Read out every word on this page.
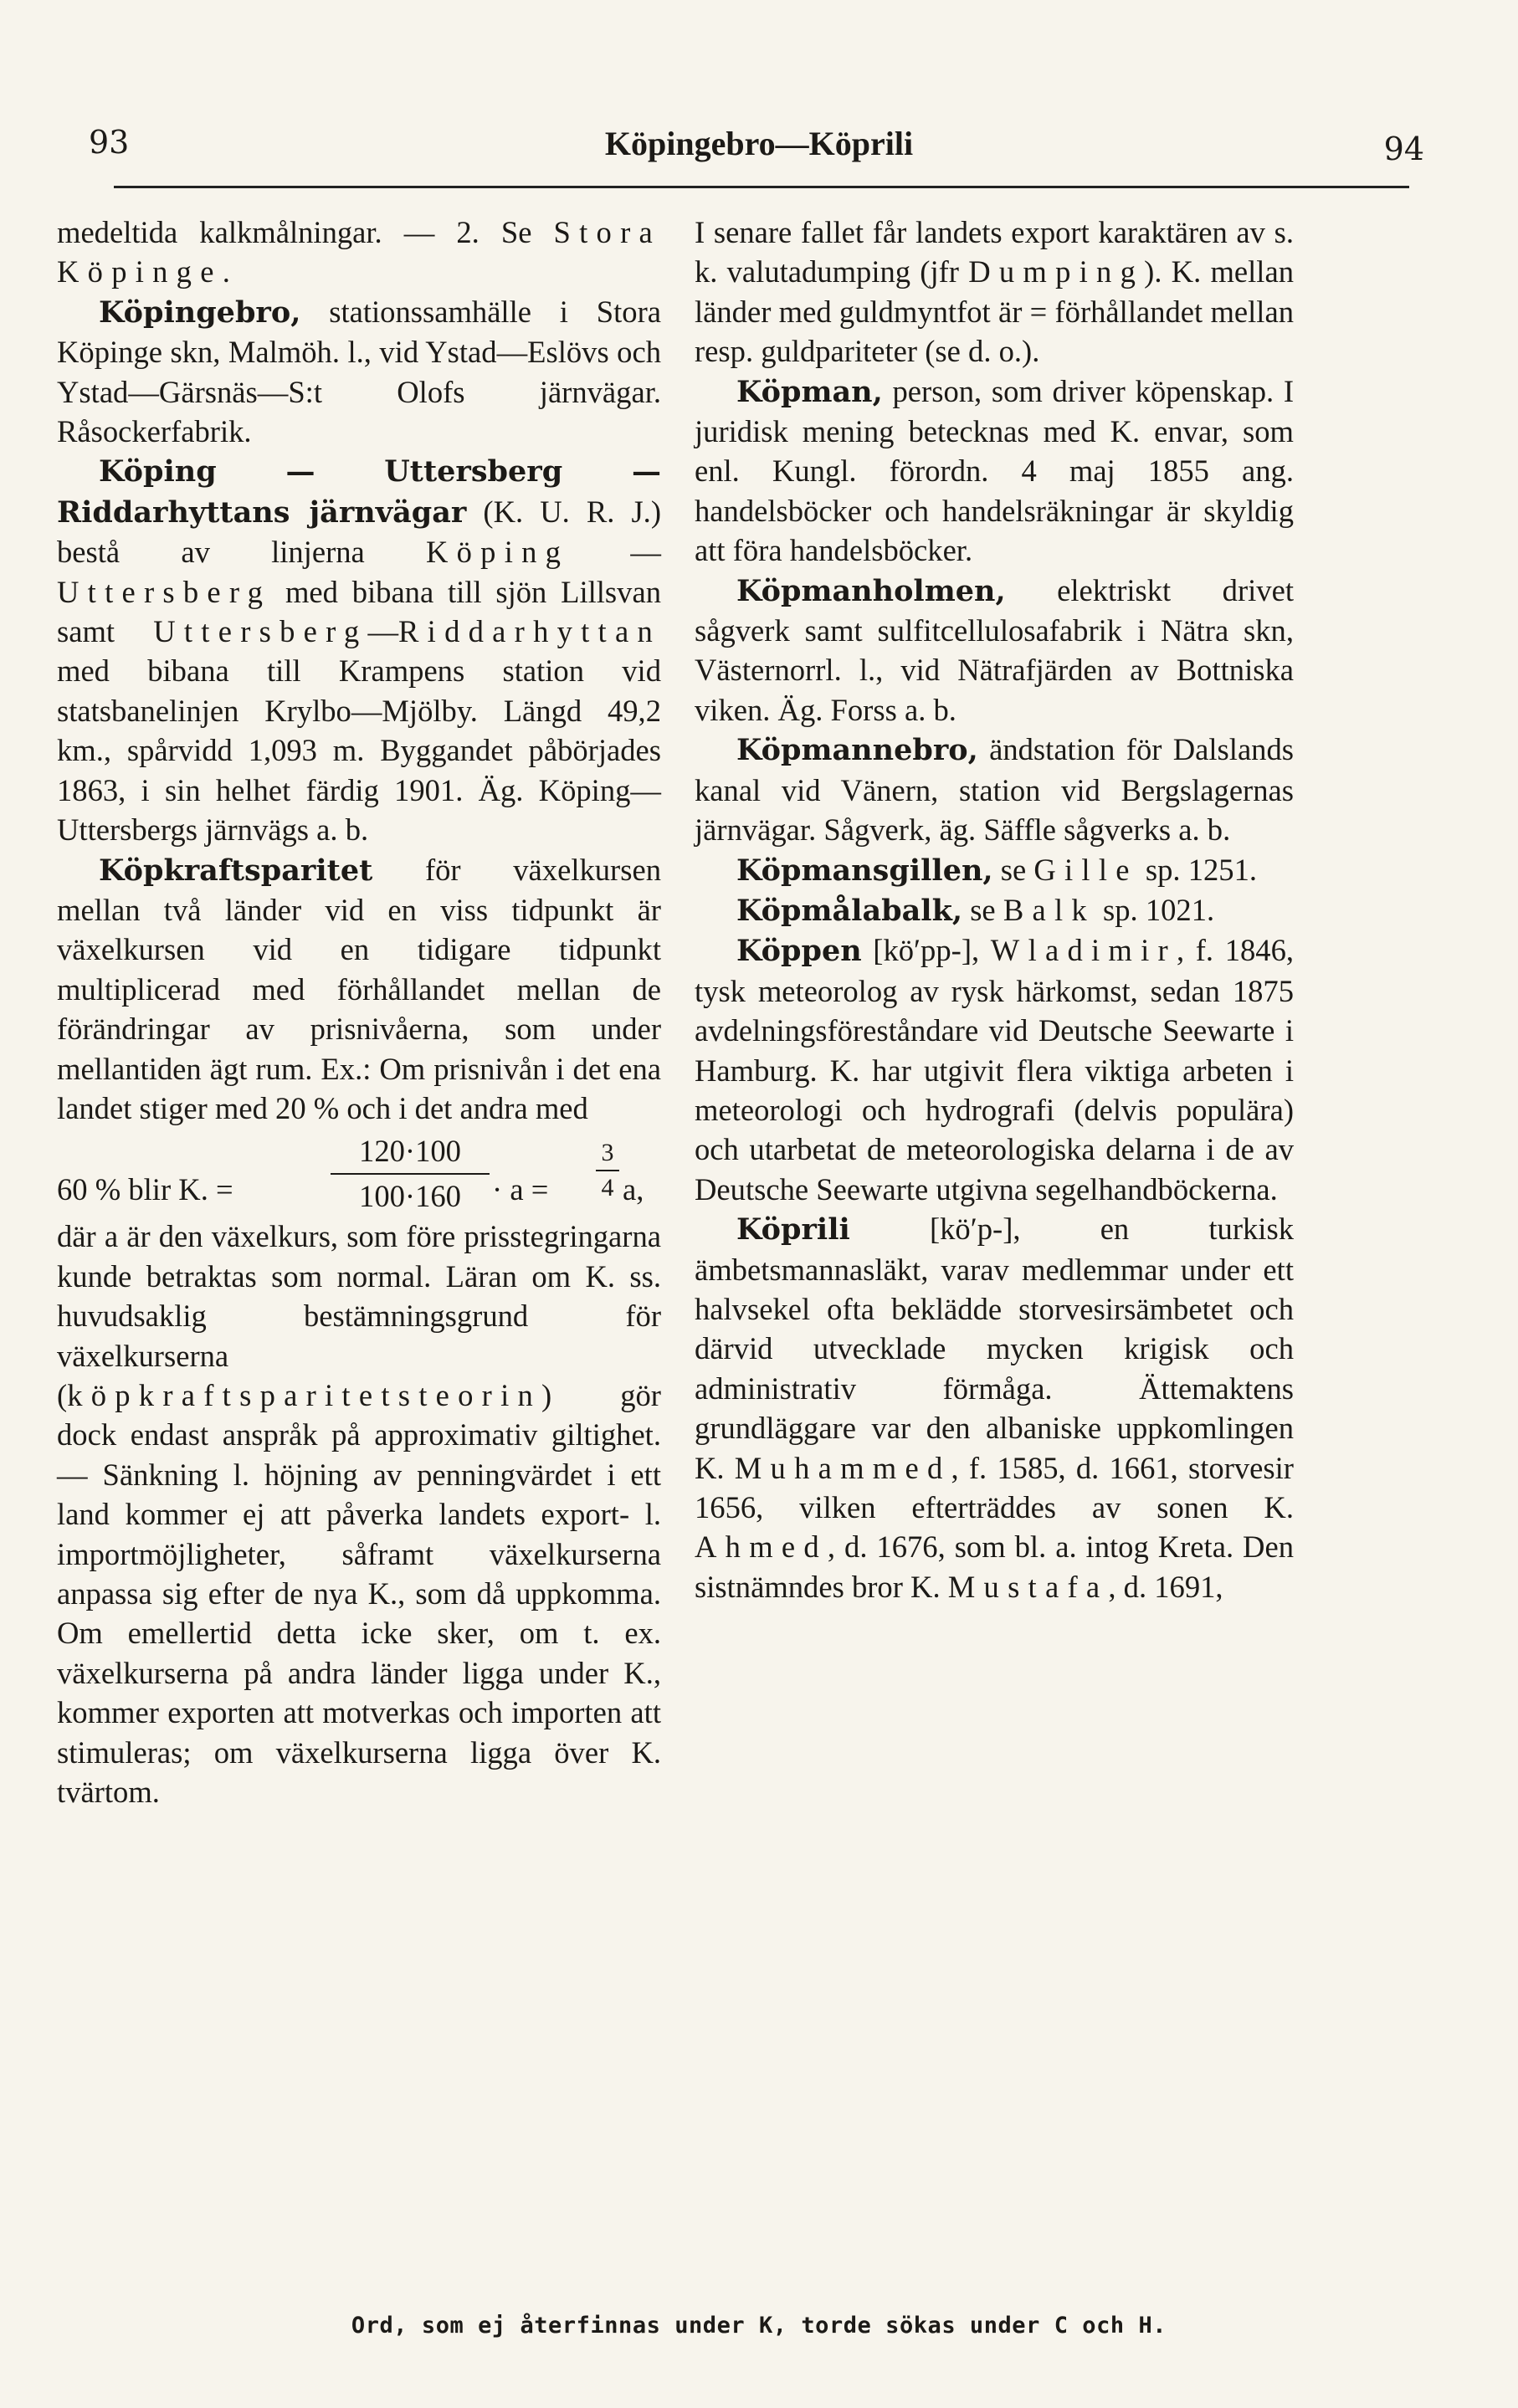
93	Köpingebro—Köprili	94

medeltida kalkmålningar. — 2. Se Stora Köpinge.

Köpingebro, stationssamhälle i Stora Köpinge skn, Malmöh. l., vid Ystad—Eslövs och Ystad—Gärsnäs—S:t Olofs järnvägar. Råsockerfabrik.

Köping — Uttersberg — Riddarhyttans järnvägar (K. U. R. J.) bestå av linjerna Köping —Uttersberg med bibana till sjön Lillsvan samt Uttersberg—Riddarhyttan med bibana till Krampens station vid statsbanelinjen Krylbo—Mjölby. Längd 49,2 km., spårvidd 1,093 m. Byggandet påbörjades 1863, i sin helhet färdig 1901. Äg. Köping—Uttersbergs järnvägs a. b.

Köpkraftsparitet för växelkursen mellan två länder vid en viss tidpunkt är växelkursen vid en tidigare tidpunkt multiplicerad med förhållandet mellan de förändringar av prisnivåerna, som under mellantiden ägt rum. Ex.: Om prisnivån i det ena landet stiger med 20 % och i det andra med

60 % blir K. =	$\frac{120\cdot 100}{100\cdot 160} \cdot a = \frac{3}{4} a$,

där a är den växelkurs, som före prisstegringarna kunde betraktas som normal. Läran om K. ss. huvudsaklig bestämningsgrund för växelkurserna (köpkraftsparitetsteorin) gör dock endast anspråk på approximativ giltighet. — Sänkning l. höjning av penningvärdet i ett land kommer ej att påverka landets export- l. importmöjligheter, såframt växelkurserna anpassa sig efter de nya K., som då uppkomma. Om emellertid detta icke sker, om t. ex. växelkurserna på andra länder ligga under K., kommer exporten att motverkas och importen att stimuleras; om växelkurserna ligga över K. tvärtom.

I senare fallet får landets export karaktären av s. k. valutadumping (jfr Dumping). K. mellan länder med guldmyntfot är = förhållandet mellan resp. guldpariteter (se d. o.).

Köpman, person, som driver köpenskap. I juridisk mening betecknas med K. envar, som enl. Kungl. förordn. 4 maj 1855 ang. handelsböcker och handelsräkningar är skyldig att föra handelsböcker.

Köpmanholmen, elektriskt drivet sågverk samt sulfitcellulosafabrik i Nätra skn, Västernorrl. l., vid Nätrafjärden av Bottniska viken. Äg. Forss a. b.

Köpmannebro, ändstation för Dalslands kanal vid Vänern, station vid Bergslagernas järnvägar. Sågverk, äg. Säffle sågverks a. b.

Köpmansgillen, se Gille sp. 1251.

Köpmålabalk, se Balk sp. 1021.

Köppen [kö′pp-], Wladimir, f. 1846, tysk meteorolog av rysk härkomst, sedan 1875 avdelningsföreståndare vid Deutsche Seewarte i Hamburg. K. har utgivit flera viktiga arbeten i meteorologi och hydrografi (delvis populära) och utarbetat de meteorologiska delarna i de av Deutsche Seewarte utgivna segelhandböckerna.

Köprili [kö′p-], en turkisk ämbetsmannasläkt, varav medlemmar under ett halvsekel ofta beklädde storvesirsämbetet och därvid utvecklade mycken krigisk och administrativ förmåga. Ättemaktens grundläggare var den albaniske uppkomlingen K. Muhammed, f. 1585, d. 1661, storvesir 1656, vilken efterträddes av sonen K. Ahmed, d. 1676, som bl. a. intog Kreta. Den sistnämndes bror K. Mustafa, d. 1691,

Ord, som ej återfinnas under K, torde sökas under C och H.
